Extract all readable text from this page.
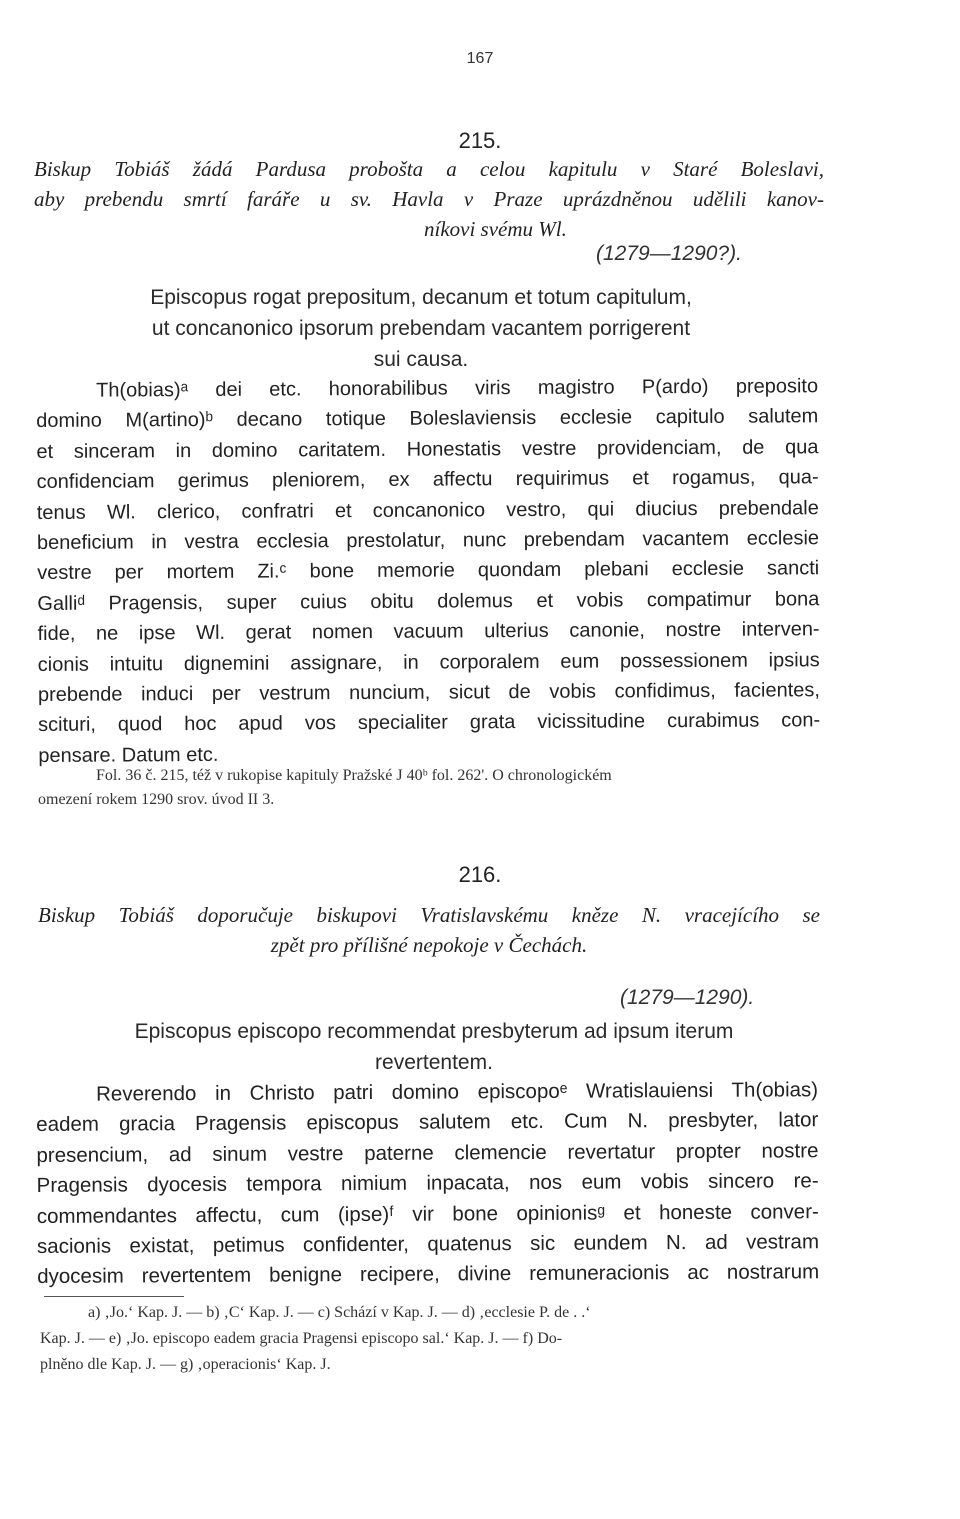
167
215.

Biskup Tobiáš žádá Pardusa probošta a celou kapitulu v Staré Boleslavi,

aby prebendu smrtí faráře u sv. Havla v Praze uprázdněnou udělili kanov-

níkovi svému Wl.

(1279—1290?).

Episcopus rogat prepositum, decanum et totum capitulum,

ut concanonico ipsorum prebendam vacantem porrigerent

sui causa.

Th(obias)ᵃ dei etc. honorabilibus viris magistro P(ardo) preposito

domino M(artino)ᵇ decano totique Boleslaviensis ecclesie capitulo salutem

et sinceram in domino caritatem. Honestatis vestre providenciam, de qua

confidenciam gerimus pleniorem, ex affectu requirimus et rogamus, qua-

tenus Wl. clerico, confratri et concanonico vestro, qui diucius prebendale

beneficium in vestra ecclesia prestolatur, nunc prebendam vacantem ecclesie

vestre per mortem Zi.ᶜ bone memorie quondam plebani ecclesie sancti

Galliᵈ Pragensis, super cuius obitu dolemus et vobis compatimur bona

fide, ne ipse Wl. gerat nomen vacuum ulterius canonie, nostre interven-

cionis intuitu dignemini assignare, in corporalem eum possessionem ipsius

prebende induci per vestrum nuncium, sicut de vobis confidimus, facientes,

scituri, quod hoc apud vos specialiter grata vicissitudine curabimus con-

pensare. Datum etc.

Fol. 36 č. 215, též v rukopise kapituly Pražské J 40ᵇ fol. 262'. O chronologickém

omezení rokem 1290 srov. úvod II 3.

216.

Biskup Tobiáš doporučuje biskupovi Vratislavskému kněze N. vracejícího se

zpět pro přílišné nepokoje v Čechách.

(1279—1290).

Episcopus episcopo recommendat presbyterum ad ipsum iterum

revertentem.

Reverendo in Christo patri domino episcopoᵉ Wratislauiensi Th(obias)

eadem gracia Pragensis episcopus salutem etc. Cum N. presbyter, lator

presencium, ad sinum vestre paterne clemencie revertatur propter nostre

Pragensis dyocesis tempora nimium inpacata, nos eum vobis sincero re-

commendantes affectu, cum (ipse)ᶠ vir bone opinionisᵍ et honeste conver-

sacionis existat, petimus confidenter, quatenus sic eundem N. ad vestram

dyocesim revertentem benigne recipere, divine remuneracionis ac nostrarum

a) ‚Jo.‘ Kap. J. — b) ‚C‘ Kap. J. — c) Schází v Kap. J. — d) ‚ecclesie P. de . .‘

Kap. J. — e) ‚Jo. episcopo eadem gracia Pragensi episcopo sal.‘ Kap. J. — f) Do-

plněno dle Kap. J. — g) ‚operacionis‘ Kap. J.
